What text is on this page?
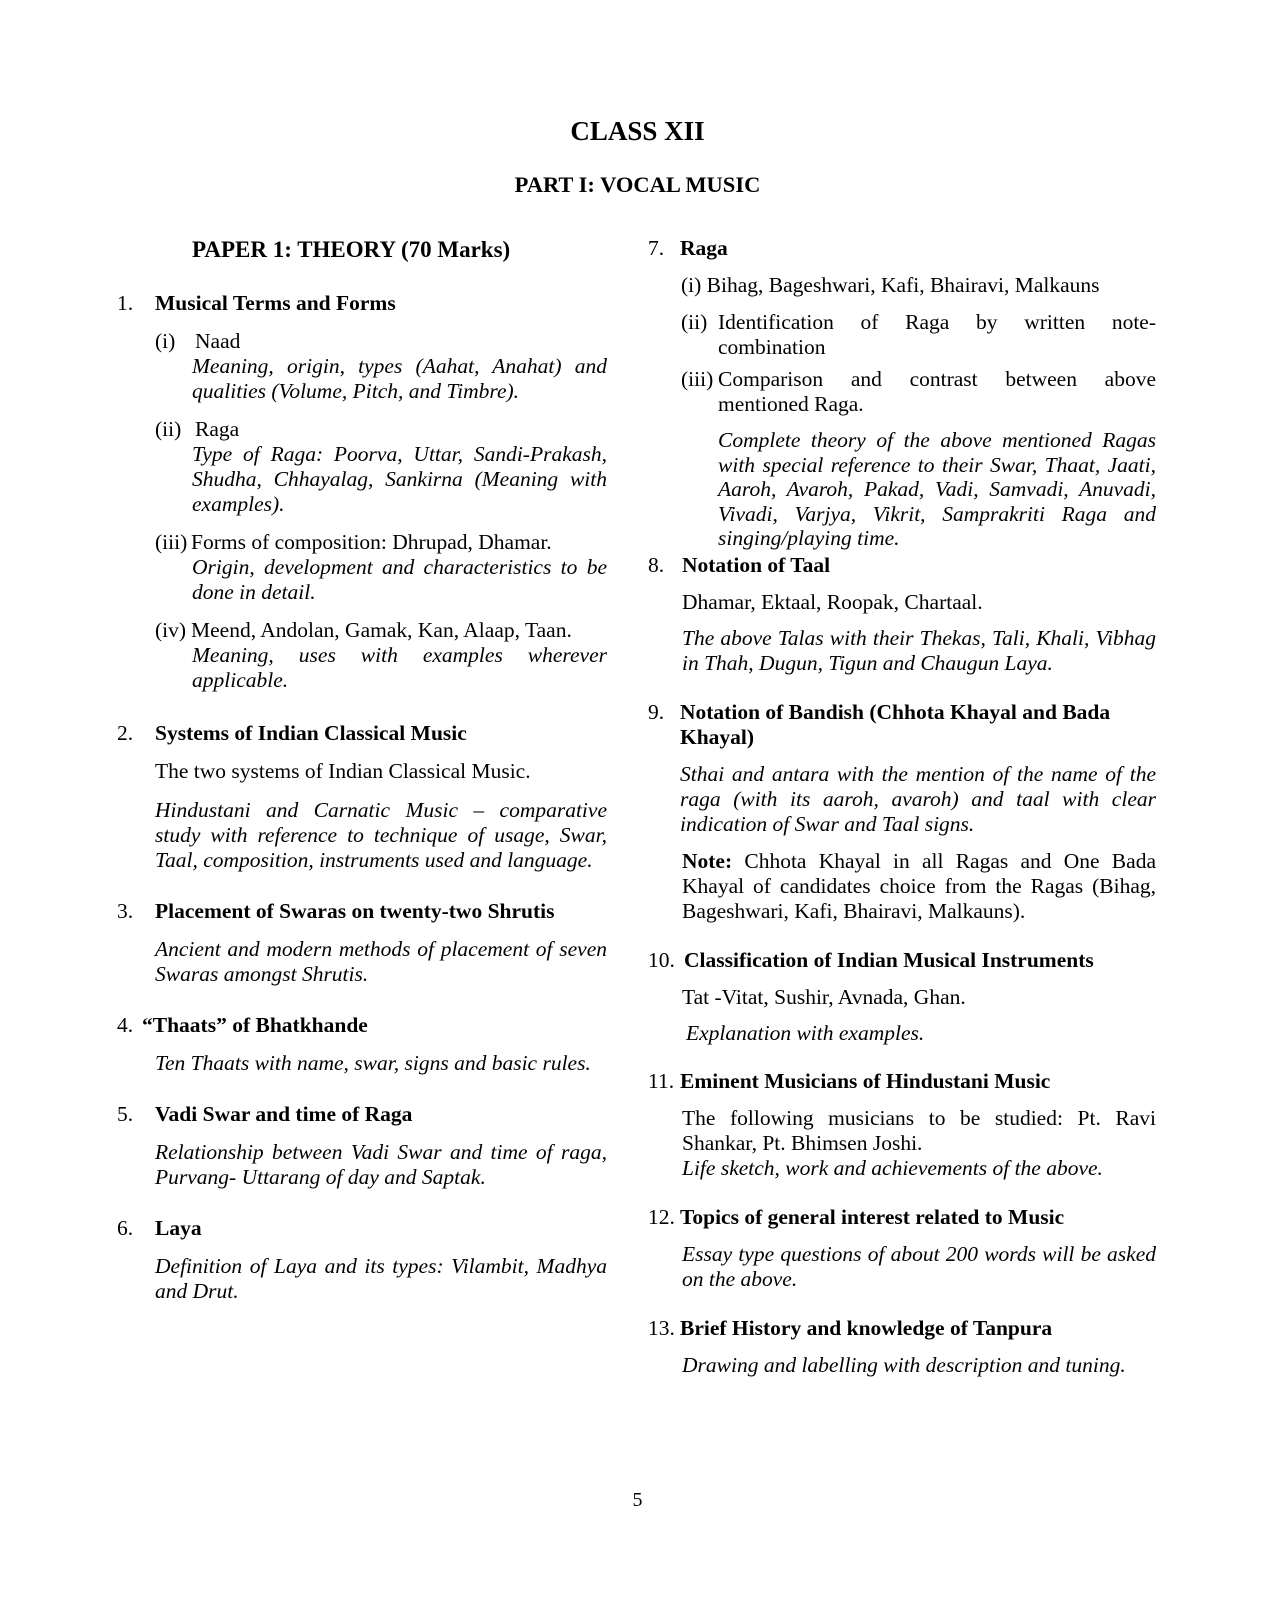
CLASS XII
PART I: VOCAL MUSIC
PAPER 1: THEORY (70 Marks)
1.	Musical Terms and Forms
(i) Naad

Meaning, origin, types (Aahat, Anahat) and qualities (Volume, Pitch, and Timbre).

(ii) Raga

Type of Raga: Poorva, Uttar, Sandi-Prakash, Shudha, Chhayalag, Sankirna (Meaning with examples).

(iii) Forms of composition: Dhrupad, Dhamar.

Origin, development and characteristics to be done in detail.

(iv) Meend, Andolan, Gamak, Kan, Alaap, Taan.

Meaning, uses with examples wherever applicable.

2.	Systems of Indian Classical Music

The two systems of Indian Classical Music.

Hindustani and Carnatic Music – comparative study with reference to technique of usage, Swar, Taal, composition, instruments used and language.

3.	Placement of Swaras on twenty-two Shrutis

Ancient and modern methods of placement of seven Swaras amongst Shrutis.

4. “Thaats” of Bhatkhande

Ten Thaats with name, swar, signs and basic rules.

5.	Vadi Swar and time of Raga

Relationship between Vadi Swar and time of raga, Purvang- Uttarang of day and Saptak.

6.	Laya

Definition of Laya and its types: Vilambit, Madhya and Drut.

7. Raga

(i) Bihag, Bageshwari, Kafi, Bhairavi, Malkauns

(ii) Identification of Raga by written note-combination
(iii) Comparison and contrast between above mentioned Raga.

Complete theory of the above mentioned Ragas with special reference to their Swar, Thaat, Jaati, Aaroh, Avaroh, Pakad, Vadi, Samvadi, Anuvadi, Vivadi, Varjya, Vikrit, Samprakriti Raga and singing/playing time.

8. Notation of Taal

Dhamar, Ektaal, Roopak, Chartaal.

The above Talas with their Thekas, Tali, Khali, Vibhag in Thah, Dugun, Tigun and Chaugun Laya.

9. Notation of Bandish (Chhota Khayal and Bada Khayal)

Sthai and antara with the mention of the name of the raga (with its aaroh, avaroh) and taal with clear indication of Swar and Taal signs.

Note: Chhota Khayal in all Ragas and One Bada Khayal of candidates choice from the Ragas (Bihag, Bageshwari, Kafi, Bhairavi, Malkauns).

10. Classification of Indian Musical Instruments

Tat -Vitat, Sushir, Avnada, Ghan.

Explanation with examples.

11. Eminent Musicians of Hindustani Music

The following musicians to be studied: Pt. Ravi Shankar, Pt. Bhimsen Joshi.

Life sketch, work and achievements of the above.

12. Topics of general interest related to Music

Essay type questions of about 200 words will be asked on the above.

13. Brief History and knowledge of Tanpura

Drawing and labelling with description and tuning.

5
